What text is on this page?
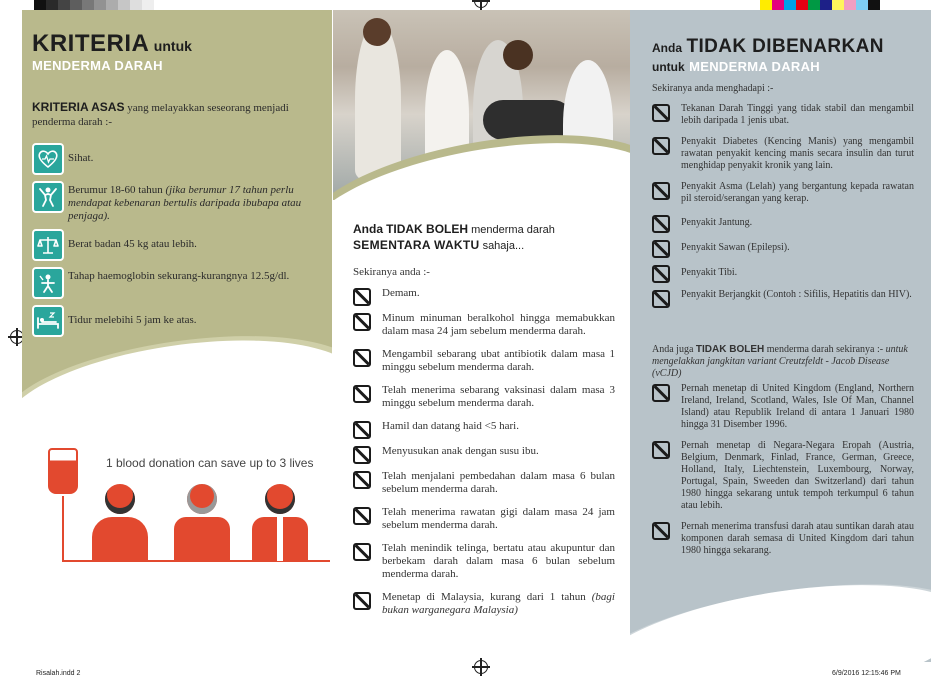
KRITERIA untuk
MENDERMA DARAH
KRITERIA ASAS yang melayakkan seseorang menjadi penderma darah :-
Sihat.
Berumur 18-60 tahun (jika berumur 17 tahun perlu mendapat kebenaran bertulis daripada ibubapa atau penjaga).
Berat badan 45 kg atau lebih.
Tahap haemoglobin sekurang-kurangnya 12.5g/dl.
Tidur melebihi 5 jam ke atas.
1 blood donation can save up to 3 lives
Anda TIDAK BOLEH menderma darah
SEMENTARA WAKTU sahaja...
Sekiranya anda :-
Demam.
Minum minuman beralkohol hingga memabukkan dalam masa 24 jam sebelum menderma darah.
Mengambil sebarang ubat antibiotik dalam masa 1 minggu sebelum menderma darah.
Telah menerima sebarang vaksinasi dalam masa 3 minggu sebelum menderma darah.
Hamil dan datang haid <5 hari.
Menyusukan anak dengan susu ibu.
Telah menjalani pembedahan dalam masa 6 bulan sebelum menderma darah.
Telah menerima rawatan gigi dalam masa 24 jam sebelum menderma darah.
Telah menindik telinga, bertatu atau akupuntur dan berbekam darah dalam masa 6 bulan sebelum menderma darah.
Menetap di Malaysia, kurang dari 1 tahun (bagi bukan warganegara Malaysia)
Anda TIDAK DIBENARKAN
untuk MENDERMA DARAH
Sekiranya anda menghadapi :-
Tekanan Darah Tinggi yang tidak stabil dan mengambil lebih daripada 1 jenis ubat.
Penyakit Diabetes (Kencing Manis) yang mengambil rawatan penyakit kencing manis secara insulin dan turut menghidap penyakit kronik yang lain.
Penyakit Asma (Lelah) yang bergantung kepada rawatan pil steroid/serangan yang kerap.
Penyakit Jantung.
Penyakit Sawan (Epilepsi).
Penyakit Tibi.
Penyakit Berjangkit (Contoh : Sifilis, Hepatitis dan HIV).
Anda juga TIDAK BOLEH menderma darah sekiranya :- untuk mengelakkan jangkitan variant Creutzfeldt - Jacob Disease (vCJD)
Pernah menetap di United Kingdom (England, Northern Ireland, Ireland, Scotland, Wales, Isle Of Man, Channel Island) atau Republik Ireland di antara 1 Januari 1980 hingga 31 Disember 1996.
Pernah menetap di Negara-Negara Eropah (Austria, Belgium, Denmark, Finlad, France, German, Greece, Holland, Italy, Liechtenstein, Luxembourg, Norway, Portugal, Spain, Sweeden dan Switzerland) dari tahun 1980 hingga sekarang untuk tempoh terkumpul 6 tahun atau lebih.
Pernah menerima transfusi darah atau suntikan darah atau komponen darah semasa di United Kingdom dari tahun 1980 hingga sekarang.
Risalah.indd 2	6/9/2016 12:15:46 PM
